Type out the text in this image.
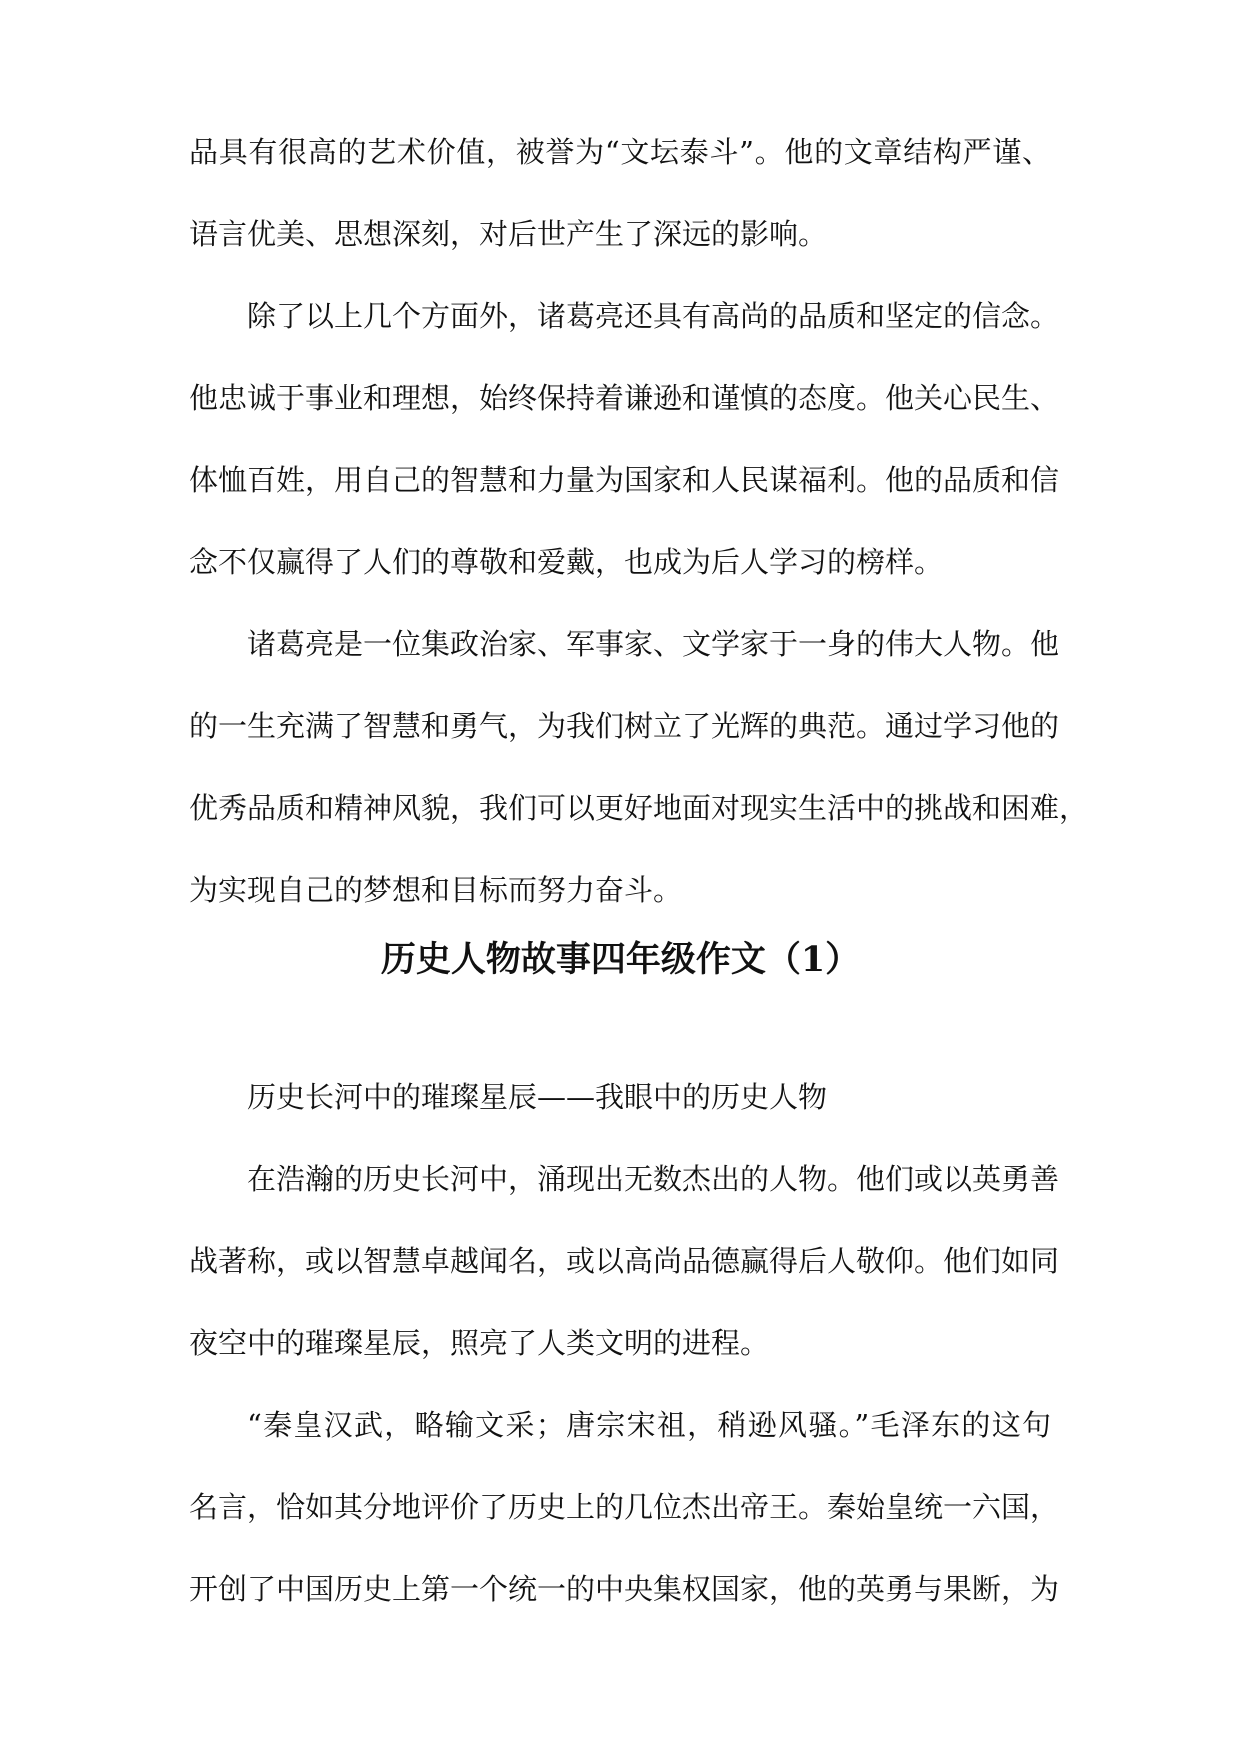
品具有很高的艺术价值，被誉为“文坛泰斗”。他的文章结构严谨、
语言优美、思想深刻，对后世产生了深远的影响。
除了以上几个方面外，诸葛亮还具有高尚的品质和坚定的信念。
他忠诚于事业和理想，始终保持着谦逊和谨慎的态度。他关心民生、
体恤百姓，用自己的智慧和力量为国家和人民谋福利。他的品质和信
念不仅赢得了人们的尊敬和爱戴，也成为后人学习的榜样。
诸葛亮是一位集政治家、军事家、文学家于一身的伟大人物。他
的一生充满了智慧和勇气，为我们树立了光辉的典范。通过学习他的
优秀品质和精神风貌，我们可以更好地面对现实生活中的挑战和困难，
为实现自己的梦想和目标而努力奋斗。
历史人物故事四年级作文（1）
历史长河中的璀璨星辰——我眼中的历史人物
在浩瀚的历史长河中，涌现出无数杰出的人物。他们或以英勇善
战著称，或以智慧卓越闻名，或以高尚品德赢得后人敬仰。他们如同
夜空中的璀璨星辰，照亮了人类文明的进程。
“秦皇汉武，略输文采；唐宗宋祖，稍逊风骚。”毛泽东的这句
名言，恰如其分地评价了历史上的几位杰出帝王。秦始皇统一六国，
开创了中国历史上第一个统一的中央集权国家，他的英勇与果断，为
